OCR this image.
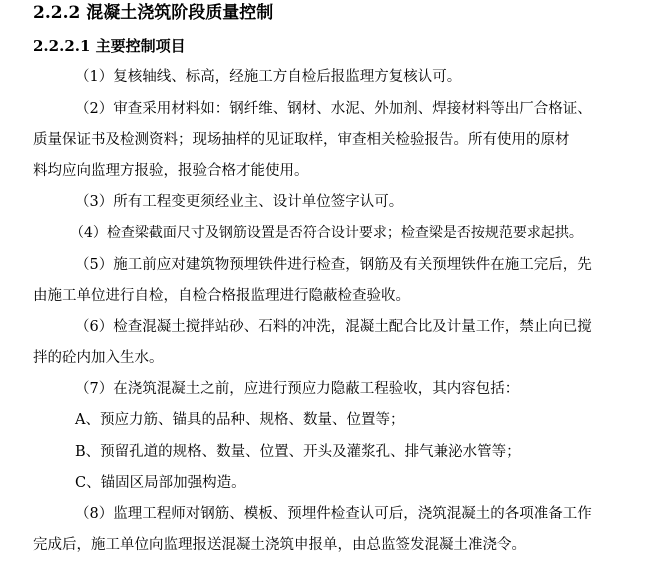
2.2.2 混凝土浇筑阶段质量控制
2.2.2.1 主要控制项目
（1）复核轴线、标高，经施工方自检后报监理方复核认可。
（2）审查采用材料如：钢纤维、钢材、水泥、外加剂、焊接材料等出厂合格证、
质量保证书及检测资料；现场抽样的见证取样，审查相关检验报告。所有使用的原材
料均应向监理方报验，报验合格才能使用。
（3）所有工程变更须经业主、设计单位签字认可。
（4）检查梁截面尺寸及钢筋设置是否符合设计要求；检查梁是否按规范要求起拱。
（5）施工前应对建筑物预埋铁件进行检查，钢筋及有关预埋铁件在施工完后，先
由施工单位进行自检，自检合格报监理进行隐蔽检查验收。
（6）检查混凝土搅拌站砂、石料的冲洗，混凝土配合比及计量工作，禁止向已搅
拌的砼内加入生水。
（7）在浇筑混凝土之前，应进行预应力隐蔽工程验收，其内容包括：
A、预应力筋、锚具的品种、规格、数量、位置等；
B、预留孔道的规格、数量、位置、开头及灌浆孔、排气兼泌水管等；
C、锚固区局部加强构造。
（8）监理工程师对钢筋、模板、预埋件检查认可后，浇筑混凝土的各项准备工作
完成后，施工单位向监理报送混凝土浇筑申报单，由总监签发混凝土准浇令。
